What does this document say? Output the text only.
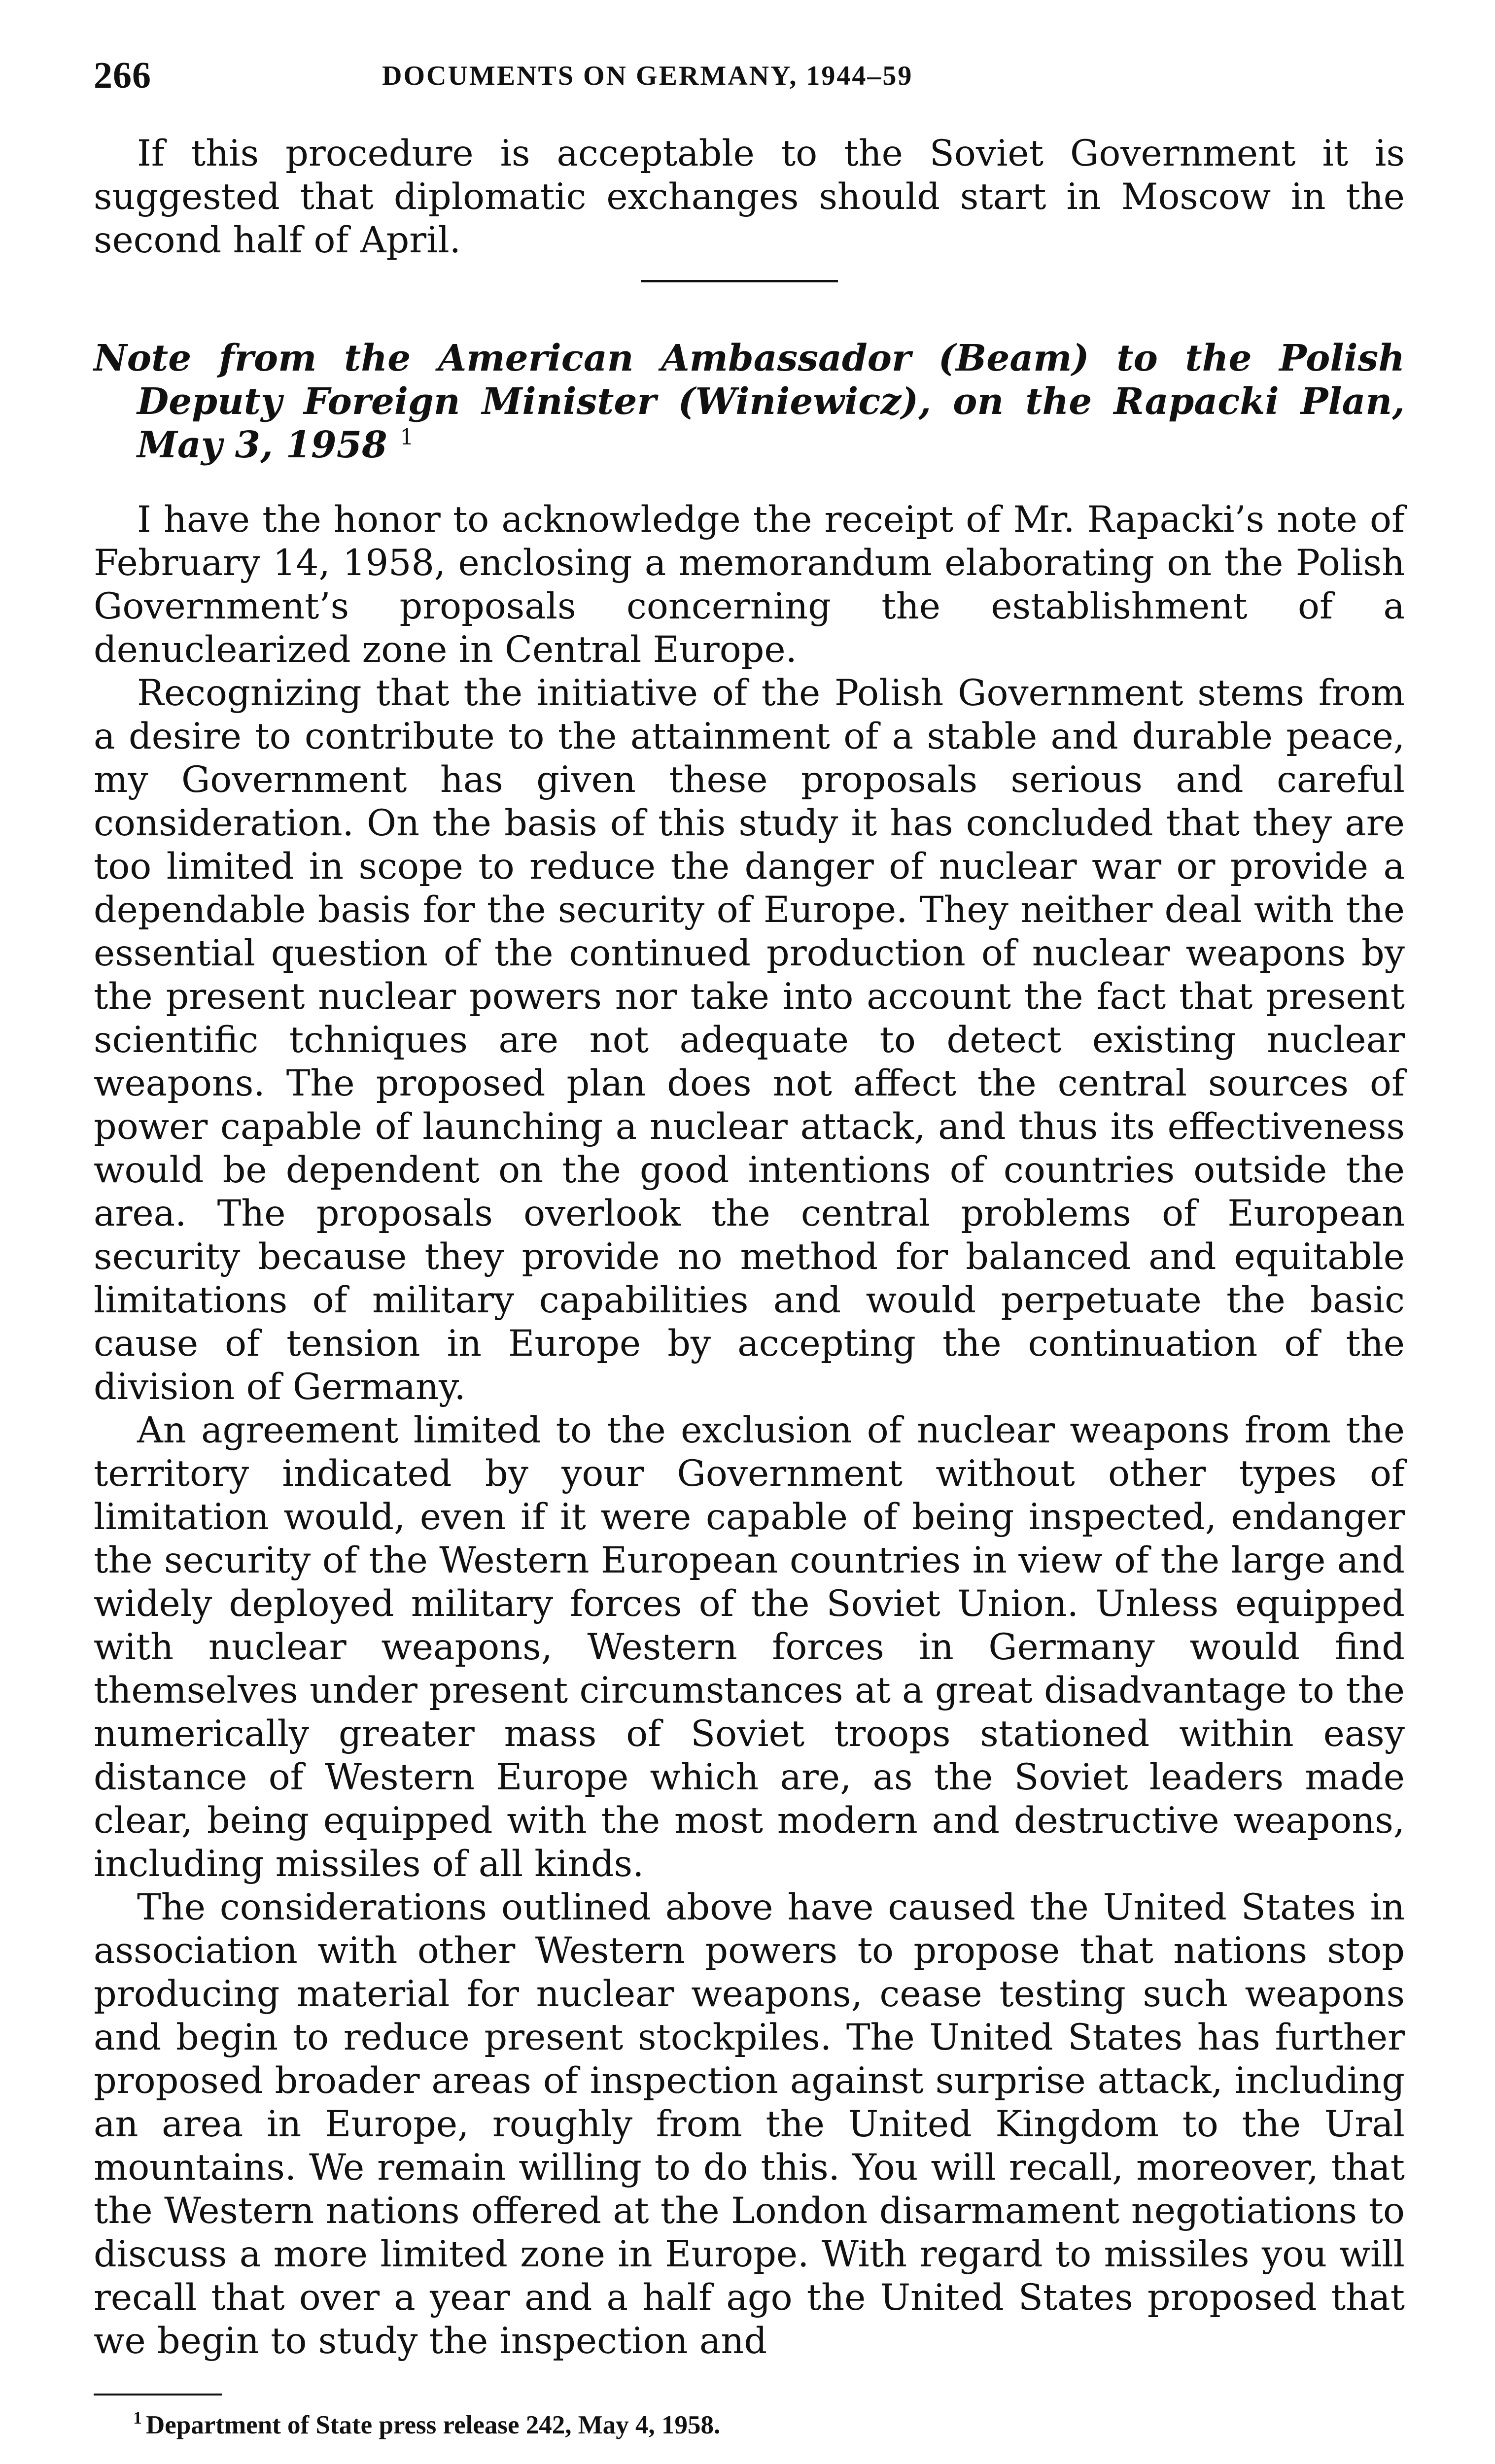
266	DOCUMENTS ON GERMANY, 1944–59

If this procedure is acceptable to the Soviet Government it is suggested that diplomatic exchanges should start in Moscow in the second half of April.

Note from the American Ambassador (Beam) to the Polish Deputy Foreign Minister (Winiewicz), on the Rapacki Plan, May 3, 1958 $^1$

I have the honor to acknowledge the receipt of Mr. Rapacki’s note of February 14, 1958, enclosing a memorandum elaborating on the Polish Government’s proposals concerning the establishment of a denuclearized zone in Central Europe.

Recognizing that the initiative of the Polish Government stems from a desire to contribute to the attainment of a stable and durable peace, my Government has given these proposals serious and careful consideration. On the basis of this study it has concluded that they are too limited in scope to reduce the danger of nuclear war or provide a dependable basis for the security of Europe. They neither deal with the essential question of the continued production of nuclear weapons by the present nuclear powers nor take into account the fact that present scientific tchniques are not adequate to detect existing nuclear weapons. The proposed plan does not affect the central sources of power capable of launching a nuclear attack, and thus its effectiveness would be dependent on the good intentions of countries outside the area. The proposals overlook the central problems of European security because they provide no method for balanced and equitable limitations of military capabilities and would perpetuate the basic cause of tension in Europe by accepting the continuation of the division of Germany.

An agreement limited to the exclusion of nuclear weapons from the territory indicated by your Government without other types of limitation would, even if it were capable of being inspected, endanger the security of the Western European countries in view of the large and widely deployed military forces of the Soviet Union. Unless equipped with nuclear weapons, Western forces in Germany would find themselves under present circumstances at a great disadvantage to the numerically greater mass of Soviet troops stationed within easy distance of Western Europe which are, as the Soviet leaders made clear, being equipped with the most modern and destructive weapons, including missiles of all kinds.

The considerations outlined above have caused the United States in association with other Western powers to propose that nations stop producing material for nuclear weapons, cease testing such weapons and begin to reduce present stockpiles. The United States has further proposed broader areas of inspection against surprise attack, including an area in Europe, roughly from the United Kingdom to the Ural mountains. We remain willing to do this. You will recall, moreover, that the Western nations offered at the London disarmament negotiations to discuss a more limited zone in Europe. With regard to missiles you will recall that over a year and a half ago the United States proposed that we begin to study the inspection and

$^1$ Department of State press release 242, May 4, 1958.
